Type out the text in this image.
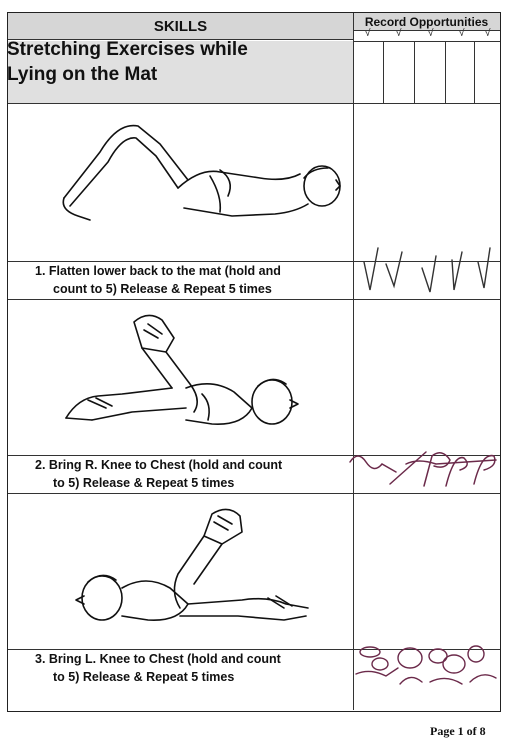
SKILLS	Record Opportunities
√	√	√	√ √
Stretching Exercises while
Lying on the Mat
1. Flatten lower back to the mat (hold and
count to 5) Release & Repeat 5 times
2. Bring R. Knee to Chest (hold and count
to 5) Release & Repeat 5 times
3. Bring L. Knee to Chest (hold and count
to 5) Release & Repeat 5 times
Page 1 of 8
